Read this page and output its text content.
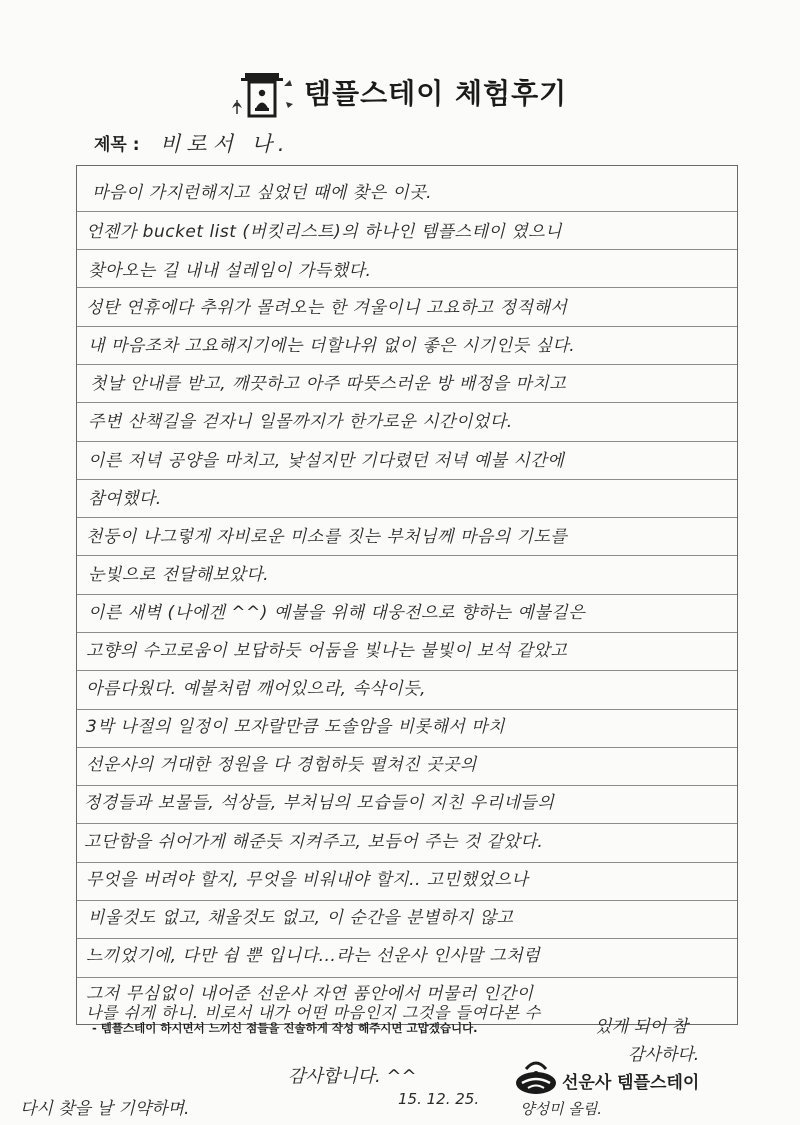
템플스테이 체험후기
제목 : 비로서 나.
마음이 가지런해지고 싶었던 때에 찾은 이곳.
언젠가 bucket list (버킷리스트)의 하나인 템플스테이 였으니
찾아오는 길 내내 설레임이 가득했다.
성탄 연휴에다 추위가 몰려오는 한 겨울이니 고요하고 정적해서
내 마음조차 고요해지기에는 더할나위 없이 좋은 시기인듯 싶다.
첫날 안내를 받고, 깨끗하고 아주 따뜻스러운 방 배정을 마치고
주변 산책길을 걷자니 일몰까지가 한가로운 시간이었다.
이른 저녁 공양을 마치고, 낯설지만 기다렸던 저녁 예불 시간에
참여했다.
천둥이 나그렇게 자비로운 미소를 짓는 부처님께 마음의 기도를
눈빛으로 전달해보았다.
이른 새벽 (나에겐 ^^) 예불을 위해 대웅전으로 향하는 예불길은
고향의 수고로움이 보답하듯 어둠을 빛나는 불빛이 보석 같았고
아름다웠다. 예불처럼 깨어있으라, 속삭이듯,
3박 나절의 일정이 모자랄만큼 도솔암을 비롯해서 마치
선운사의 거대한 정원을 다 경험하듯 펼쳐진 곳곳의
정경들과 보물들, 석상들, 부처님의 모습들이 지친 우리네들의
고단함을 쉬어가게 해준듯 지켜주고, 보듬어 주는 것 같았다.
무엇을 버려야 할지, 무엇을 비워내야 할지.. 고민했었으나
비울것도 없고, 채울것도 없고, 이 순간을 분별하지 않고
느끼었기에, 다만 쉼 뿐 입니다...라는 선운사 인사말 그처럼
그저 무심없이 내어준 선운사 자연 품안에서 머물러 인간이
나를 쉬게 하니. 비로서 내가 어떤 마음인지 그것을 들여다본 수
- 템플스테이 하시면서 느끼신 점들을 진솔하게 작성 해주시면 고맙겠습니다.	있게 되어 참
감사하다.
감사합니다. ^^
15. 12. 25.
양성미 올림.
다시 찾을 날 기약하며.
선운사 템플스테이
